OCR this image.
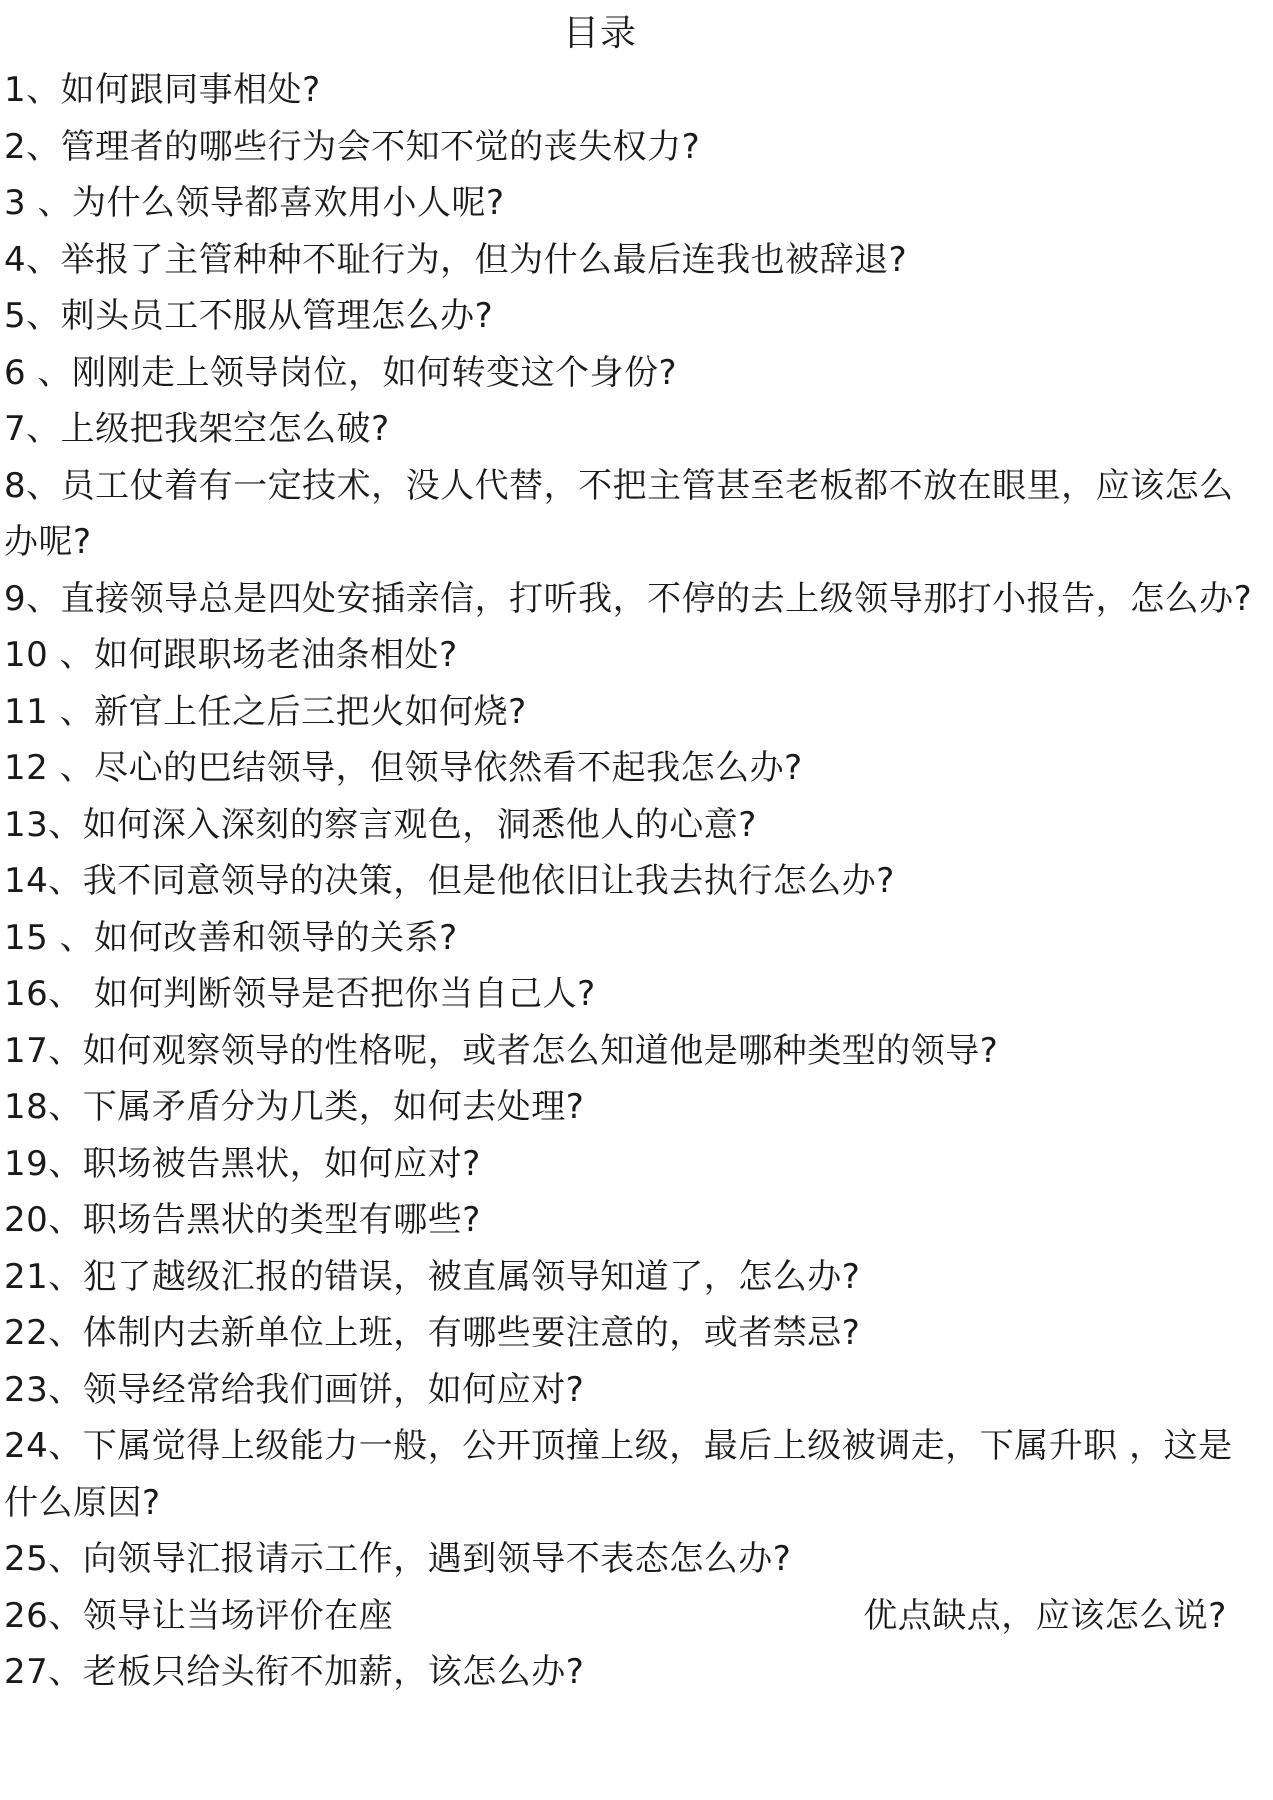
目录
1、如何跟同事相处?
2、管理者的哪些行为会不知不觉的丧失权力?
3 、为什么领导都喜欢用小人呢?
4、举报了主管种种不耻行为，但为什么最后连我也被辞退?
5、刺头员工不服从管理怎么办?
6 、刚刚走上领导岗位，如何转变这个身份?
7、上级把我架空怎么破?
8、员工仗着有一定技术，没人代替，不把主管甚至老板都不放在眼里，应该怎么办呢?
9、直接领导总是四处安插亲信，打听我，不停的去上级领导那打小报告，怎么办?
10 、如何跟职场老油条相处?
11 、新官上任之后三把火如何烧?
12 、尽心的巴结领导，但领导依然看不起我怎么办?
13、如何深入深刻的察言观色，洞悉他人的心意?
14、我不同意领导的决策，但是他依旧让我去执行怎么办?
15 、如何改善和领导的关系?
16、 如何判断领导是否把你当自己人?
17、如何观察领导的性格呢，或者怎么知道他是哪种类型的领导?
18、下属矛盾分为几类，如何去处理?
19、职场被告黑状，如何应对?
20、职场告黑状的类型有哪些?
21、犯了越级汇报的错误，被直属领导知道了，怎么办?
22、体制内去新单位上班，有哪些要注意的，或者禁忌?
23、领导经常给我们画饼，如何应对?
24、下属觉得上级能力一般，公开顶撞上级，最后上级被调走，下属升职 ，这是什么原因?
25、向领导汇报请示工作，遇到领导不表态怎么办?
26、领导让当场评价在座	优点缺点，应该怎么说?
27、老板只给头衔不加薪，该怎么办?
